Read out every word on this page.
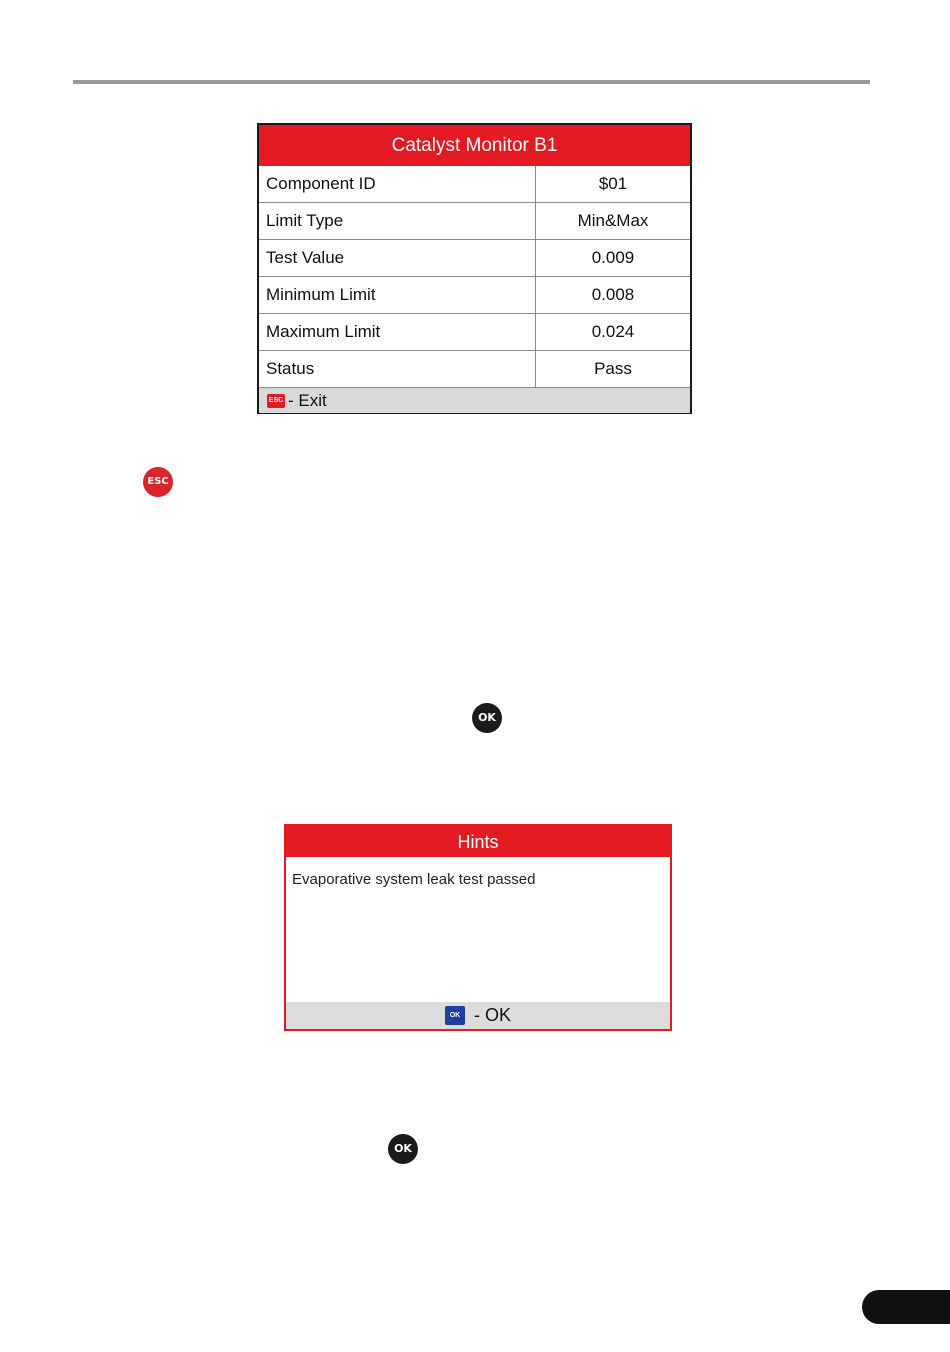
Catalyst Monitor B1
Component ID	$01
Limit Type	Min&Max
Test Value	0.009
Minimum Limit	0.008
Maximum Limit	0.024
Status	Pass
ESC - Exit
ESC
OK
Hints
Evaporative system leak test passed
OK - OK
OK
